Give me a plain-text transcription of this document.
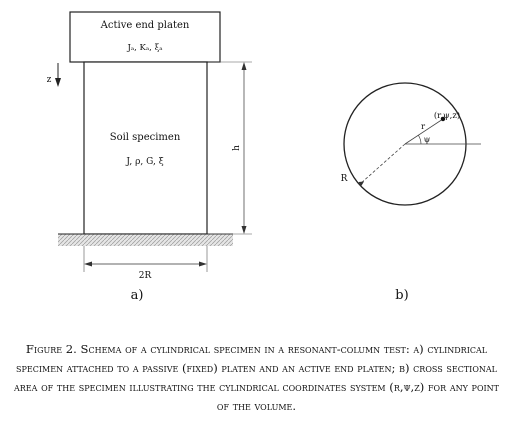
Active end platen
Jₐ, Kₐ, ξₐ
Soil specimen
J, ρ, G, ξ
z
h
2R
a)
(r,ψ,z)
r
ψ
R
b)
Figure 2. Schema of a cylindrical specimen in a resonant-column test: a) cylindrical specimen attached to a passive (fixed) platen and an active end platen; b) cross sectional area of the specimen illustrating the cylindrical coordinates system (r,ψ,z) for any point of the volume.
